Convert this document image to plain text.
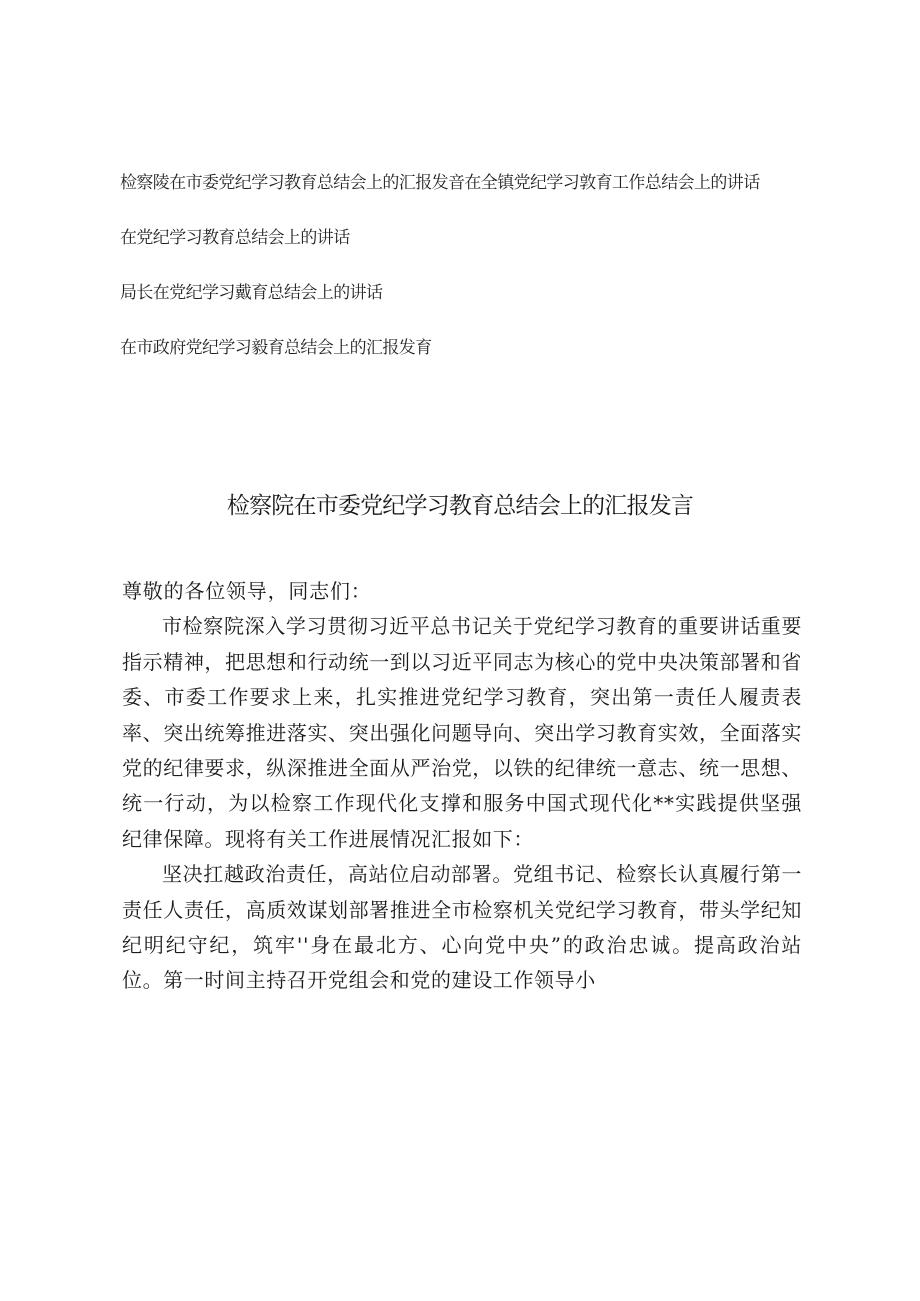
检察陵在市委党纪学习教育总结会上的汇报发音在全镇党纪学习敦育工作总结会上的讲话
在党纪学习教育总结会上的讲话
局长在党纪学习戴育总结会上的讲话
在市政府党纪学习毅育总结会上的汇报发育
检察院在市委党纪学习教育总结会上的汇报发言

尊敬的各位领导，同志们：

市检察院深入学习贯彻习近平总书记关于党纪学习教育的重要讲话重要指示精神，把思想和行动统一到以习近平同志为核心的党中央决策部署和省委、市委工作要求上来，扎实推进党纪学习教育，突出第一责任人履责表率、突出统筹推进落实、突出强化问题导向、突出学习教育实效，全面落实党的纪律要求，纵深推进全面从严治党，以铁的纪律统一意志、统一思想、统一行动，为以检察工作现代化支撑和服务中国式现代化**实践提供坚强纪律保障。现将有关工作进展情况汇报如下：

坚决扛越政治责任，高站位启动部署。党组书记、检察长认真履行第一责任人责任，高质效谋划部署推进全市检察机关党纪学习教育，带头学纪知纪明纪守纪，筑牢''身在最北方、心向党中央”的政治忠诚。提高政治站位。第一时间主持召开党组会和党的建设工作领导小
